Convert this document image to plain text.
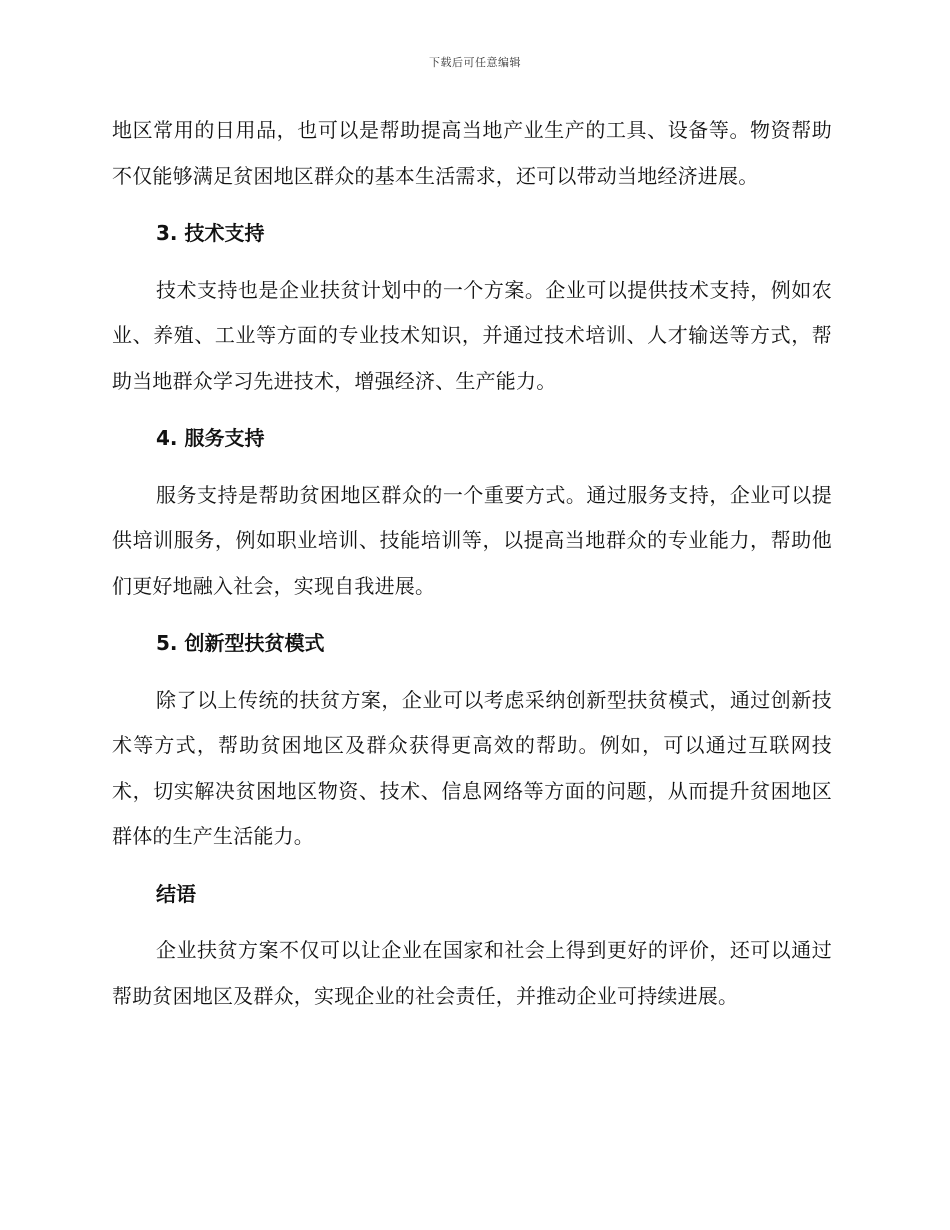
下载后可任意编辑

地区常用的日用品，也可以是帮助提高当地产业生产的工具、设备等。物资帮助不仅能够满足贫困地区群众的基本生活需求，还可以带动当地经济进展。

3. 技术支持

技术支持也是企业扶贫计划中的一个方案。企业可以提供技术支持，例如农业、养殖、工业等方面的专业技术知识，并通过技术培训、人才输送等方式，帮助当地群众学习先进技术，增强经济、生产能力。

4. 服务支持

服务支持是帮助贫困地区群众的一个重要方式。通过服务支持，企业可以提供培训服务，例如职业培训、技能培训等，以提高当地群众的专业能力，帮助他们更好地融入社会，实现自我进展。

5. 创新型扶贫模式

除了以上传统的扶贫方案，企业可以考虑采纳创新型扶贫模式，通过创新技术等方式，帮助贫困地区及群众获得更高效的帮助。例如，可以通过互联网技术，切实解决贫困地区物资、技术、信息网络等方面的问题，从而提升贫困地区群体的生产生活能力。

结语

企业扶贫方案不仅可以让企业在国家和社会上得到更好的评价，还可以通过帮助贫困地区及群众，实现企业的社会责任，并推动企业可持续进展。
